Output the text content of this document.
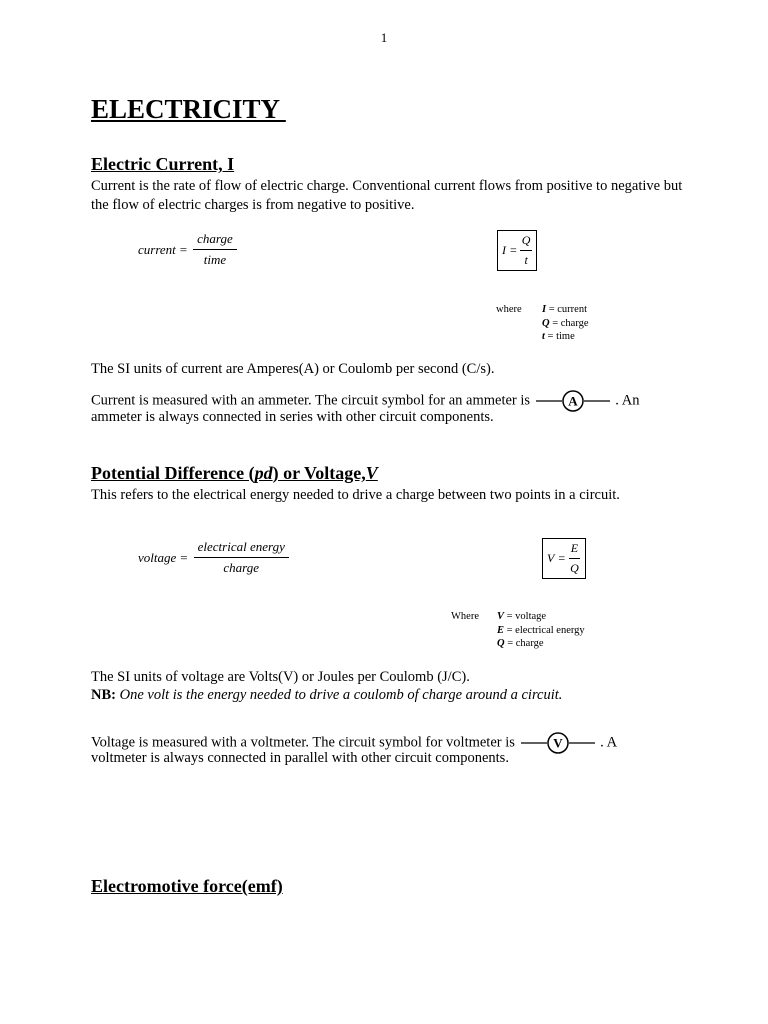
1
ELECTRICITY
Electric Current, I
Current is the rate of flow of electric charge. Conventional current flows from positive to negative but the flow of electric charges is from negative to positive.
current = $\frac{\text{charge}}{\text{time}}$	$I = \frac{Q}{t}$
where	I = current
Q = charge
t = time
The SI units of current are Amperes(A) or Coulomb per second (C/s).
Current is measured with an ammeter. The circuit symbol for an ammeter is	A	. An
ammeter is always connected in series with other circuit components.
Potential Difference (pd) or Voltage,V
This refers to the electrical energy needed to drive a charge between two points in a circuit.
voltage = $\frac{\text{electrical energy}}{\text{charge}}$	$V = \frac{E}{Q}$
Where	V = voltage
E = electrical energy
Q = charge
The SI units of voltage are Volts(V) or Joules per Coulomb (J/C).
NB: One volt is the energy needed to drive a coulomb of charge around a circuit.
Voltage is measured with a voltmeter. The circuit symbol for voltmeter is	V	. A
voltmeter is always connected in parallel with other circuit components.
Electromotive force(emf)
